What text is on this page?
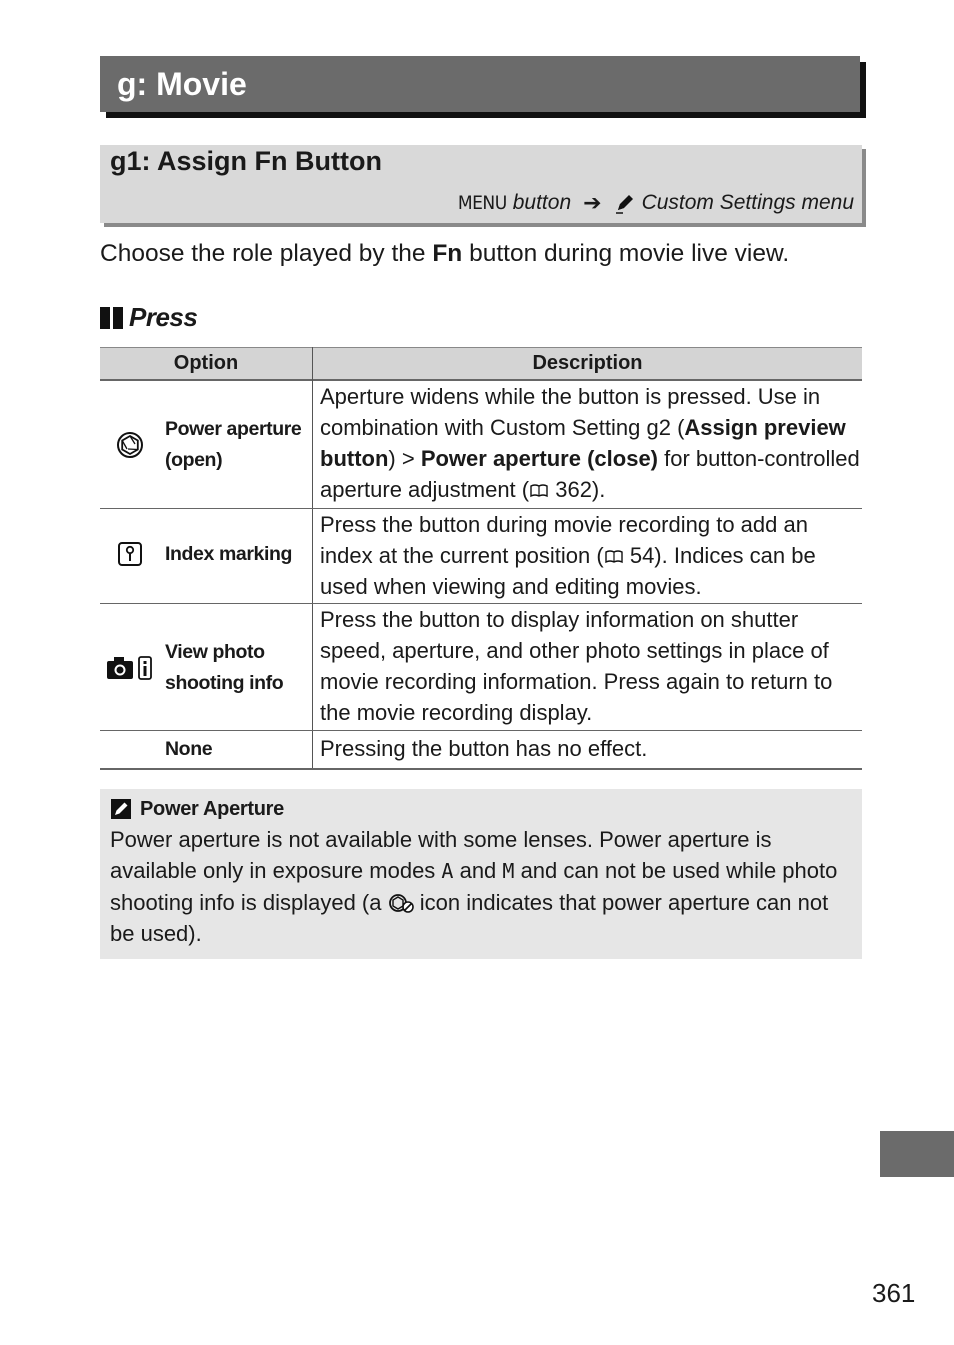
g: Movie
g1: Assign Fn Button
MENU button ➔ Custom Settings menu
Choose the role played by the Fn button during movie live view.
Press
Option	Description
Power aperture
(open)
Aperture widens while the button is pressed. Use in combination with Custom Setting g2 (Assign preview button) > Power aperture (close) for button-controlled aperture adjustment ( 362).
Index marking
Press the button during movie recording to add an index at the current position ( 54). Indices can be used when viewing and editing movies.
View photo
shooting info
Press the button to display information on shutter speed, aperture, and other photo settings in place of movie recording information. Press again to return to the movie recording display.
None	Pressing the button has no effect.
Power Aperture
Power aperture is not available with some lenses. Power aperture is available only in exposure modes A and M and can not be used while photo shooting info is displayed (a  icon indicates that power aperture can not be used).
361
